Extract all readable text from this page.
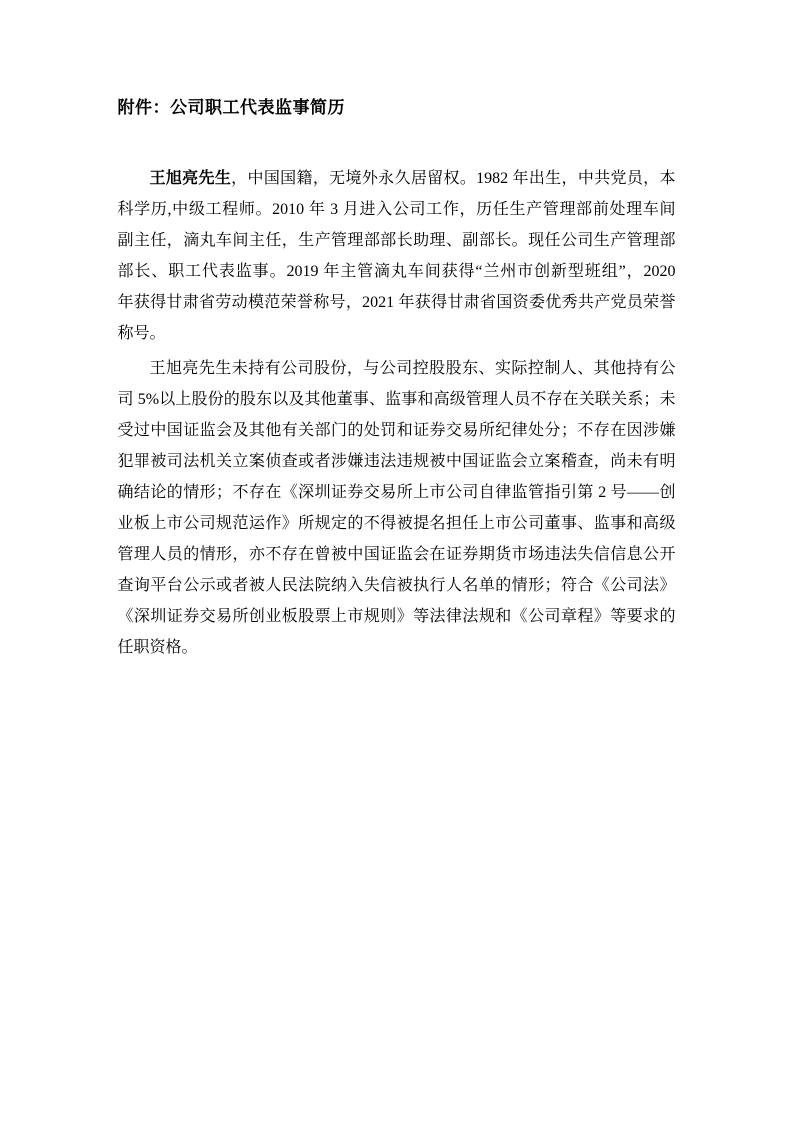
附件：公司职工代表监事简历
王旭亮先生，中国国籍，无境外永久居留权。1982 年出生，中共党员，本
科学历,中级工程师。2010 年 3 月进入公司工作，历任生产管理部前处理车间
副主任，滴丸车间主任，生产管理部部长助理、副部长。现任公司生产管理部
部长、职工代表监事。2019 年主管滴丸车间获得“兰州市创新型班组”，2020
年获得甘肃省劳动模范荣誉称号，2021 年获得甘肃省国资委优秀共产党员荣誉
称号。
王旭亮先生未持有公司股份，与公司控股股东、实际控制人、其他持有公
司 5%以上股份的股东以及其他董事、监事和高级管理人员不存在关联关系；未
受过中国证监会及其他有关部门的处罚和证券交易所纪律处分；不存在因涉嫌
犯罪被司法机关立案侦查或者涉嫌违法违规被中国证监会立案稽查，尚未有明
确结论的情形；不存在《深圳证券交易所上市公司自律监管指引第 2 号——创
业板上市公司规范运作》所规定的不得被提名担任上市公司董事、监事和高级
管理人员的情形，亦不存在曾被中国证监会在证券期货市场违法失信信息公开
查询平台公示或者被人民法院纳入失信被执行人名单的情形；符合《公司法》
《深圳证券交易所创业板股票上市规则》等法律法规和《公司章程》等要求的
任职资格。
